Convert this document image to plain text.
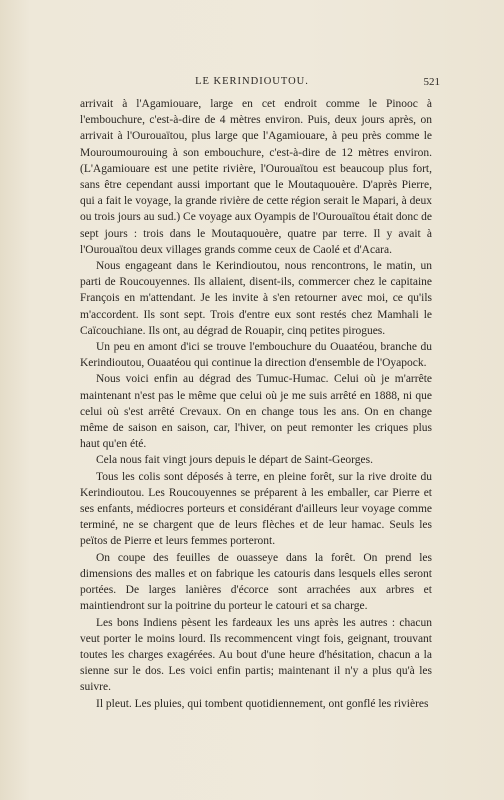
LE KERINDIOUTOU.	521

arrivait à l'Agamiouare, large en cet endroit comme le Pinooc à l'embouchure, c'est-à-dire de 4 mètres environ. Puis, deux jours après, on arrivait à l'Ourouaïtou, plus large que l'Agamiouare, à peu près comme le Mouroumourouing à son embouchure, c'est-à-dire de 12 mètres environ. (L'Agamiouare est une petite rivière, l'Ourouaïtou est beaucoup plus fort, sans être cependant aussi important que le Moutaquouère. D'après Pierre, qui a fait le voyage, la grande rivière de cette région serait le Mapari, à deux ou trois jours au sud.) Ce voyage aux Oyampis de l'Ourouaïtou était donc de sept jours : trois dans le Moutaquouère, quatre par terre. Il y avait à l'Ourouaïtou deux villages grands comme ceux de Caolé et d'Acara.

Nous engageant dans le Kerindioutou, nous rencontrons, le matin, un parti de Roucouyennes. Ils allaient, disent-ils, commercer chez le capitaine François en m'attendant. Je les invite à s'en retourner avec moi, ce qu'ils m'accordent. Ils sont sept. Trois d'entre eux sont restés chez Mamhali le Caïcouchiane. Ils ont, au dégrad de Rouapir, cinq petites pirogues.

Un peu en amont d'ici se trouve l'embouchure du Ouaatéou, branche du Kerindioutou, Ouaatéou qui continue la direction d'ensemble de l'Oyapock.

Nous voici enfin au dégrad des Tumuc-Humac. Celui où je m'arrête maintenant n'est pas le même que celui où je me suis arrêté en 1888, ni que celui où s'est arrêté Crevaux. On en change tous les ans. On en change même de saison en saison, car, l'hiver, on peut remonter les criques plus haut qu'en été.

Cela nous fait vingt jours depuis le départ de Saint-Georges.

Tous les colis sont déposés à terre, en pleine forêt, sur la rive droite du Kerindioutou. Les Roucouyennes se préparent à les emballer, car Pierre et ses enfants, médiocres porteurs et considérant d'ailleurs leur voyage comme terminé, ne se chargent que de leurs flèches et de leur hamac. Seuls les peïtos de Pierre et leurs femmes porteront.

On coupe des feuilles de ouasseye dans la forêt. On prend les dimensions des malles et on fabrique les catouris dans lesquels elles seront portées. De larges lanières d'écorce sont arrachées aux arbres et maintiendront sur la poitrine du porteur le catouri et sa charge.

Les bons Indiens pèsent les fardeaux les uns après les autres : chacun veut porter le moins lourd. Ils recommencent vingt fois, geignant, trouvant toutes les charges exagérées. Au bout d'une heure d'hésitation, chacun a la sienne sur le dos. Les voici enfin partis; maintenant il n'y a plus qu'à les suivre.

Il pleut. Les pluies, qui tombent quotidiennement, ont gonflé les rivières
